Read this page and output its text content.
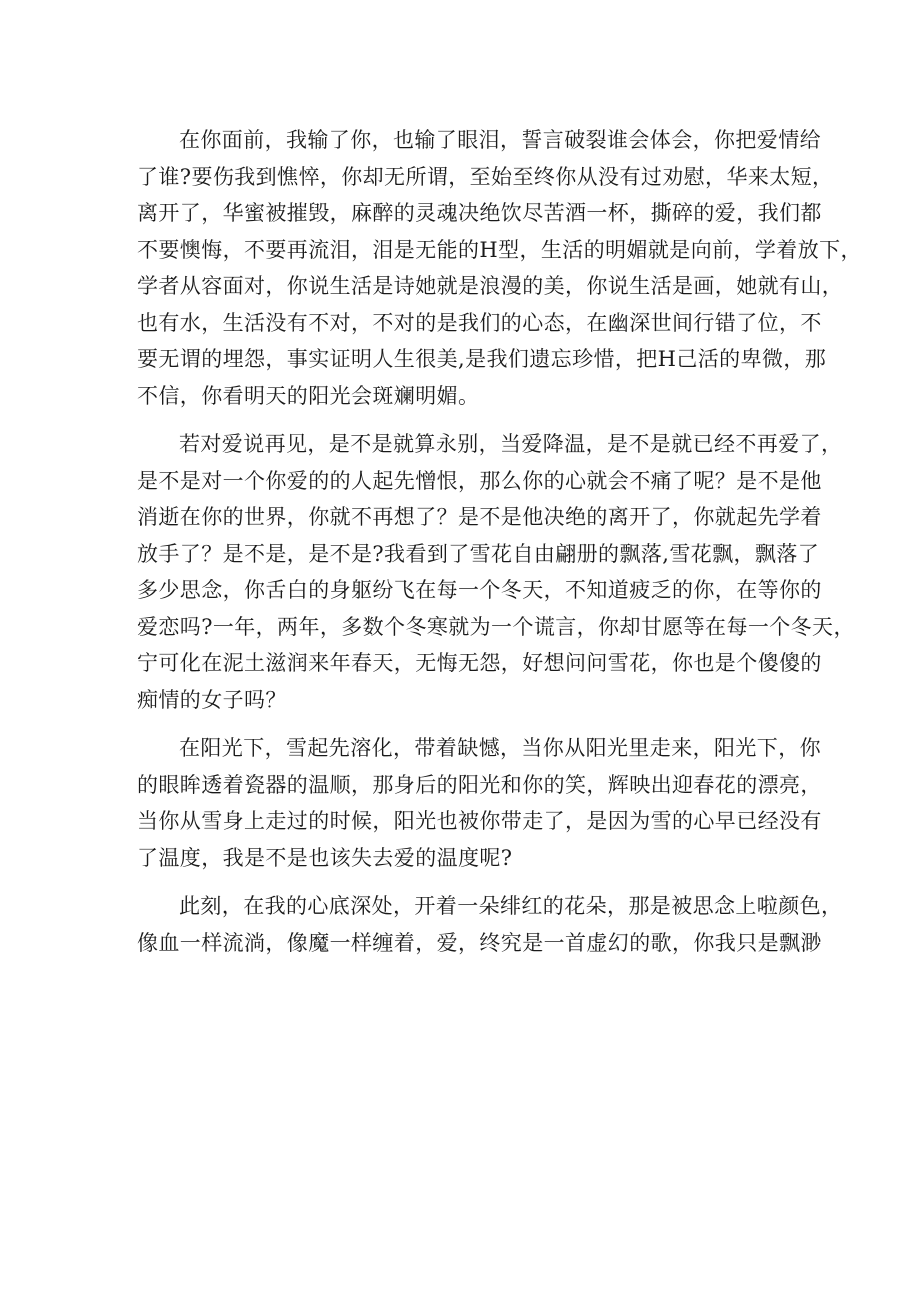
在你面前，我输了你，也输了眼泪，誓言破裂谁会体会，你把爱情给
了谁?要伤我到憔悴，你却无所谓，至始至终你从没有过劝慰，华来太短，
离开了，华蜜被摧毁，麻醉的灵魂决绝饮尽苦酒一杯，撕碎的爱，我们都
不要懊悔，不要再流泪，泪是无能的H型，生活的明媚就是向前，学着放下，
学者从容面对，你说生活是诗她就是浪漫的美，你说生活是画，她就有山，
也有水，生活没有不对，不对的是我们的心态，在幽深世间行错了位，不
要无谓的埋怨，事实证明人生很美,是我们遗忘珍惜，把H己活的卑微，那
不信，你看明天的阳光会斑斓明媚。

若对爱说再见，是不是就算永别，当爱降温，是不是就已经不再爱了，
是不是对一个你爱的的人起先憎恨，那么你的心就会不痛了呢？是不是他
消逝在你的世界，你就不再想了？是不是他决绝的离开了，你就起先学着
放手了？是不是，是不是?我看到了雪花自由翩册的飘落,雪花飘，飘落了
多少思念，你舌白的身躯纷飞在每一个冬天，不知道疲乏的你，在等你的
爱恋吗?一年，两年，多数个冬寒就为一个谎言，你却甘愿等在每一个冬天，
宁可化在泥土滋润来年春天，无悔无怨，好想问问雪花，你也是个傻傻的
痴情的女子吗？

在阳光下，雪起先溶化，带着缺憾，当你从阳光里走来，阳光下，你
的眼眸透着瓷器的温顺，那身后的阳光和你的笑，辉映出迎春花的漂亮，
当你从雪身上走过的时候，阳光也被你带走了，是因为雪的心早已经没有
了温度，我是不是也该失去爱的温度呢?

此刻，在我的心底深处，开着一朵绯红的花朵，那是被思念上啦颜色，
像血一样流淌，像魔一样缠着，爱，终究是一首虚幻的歌，你我只是飘渺
